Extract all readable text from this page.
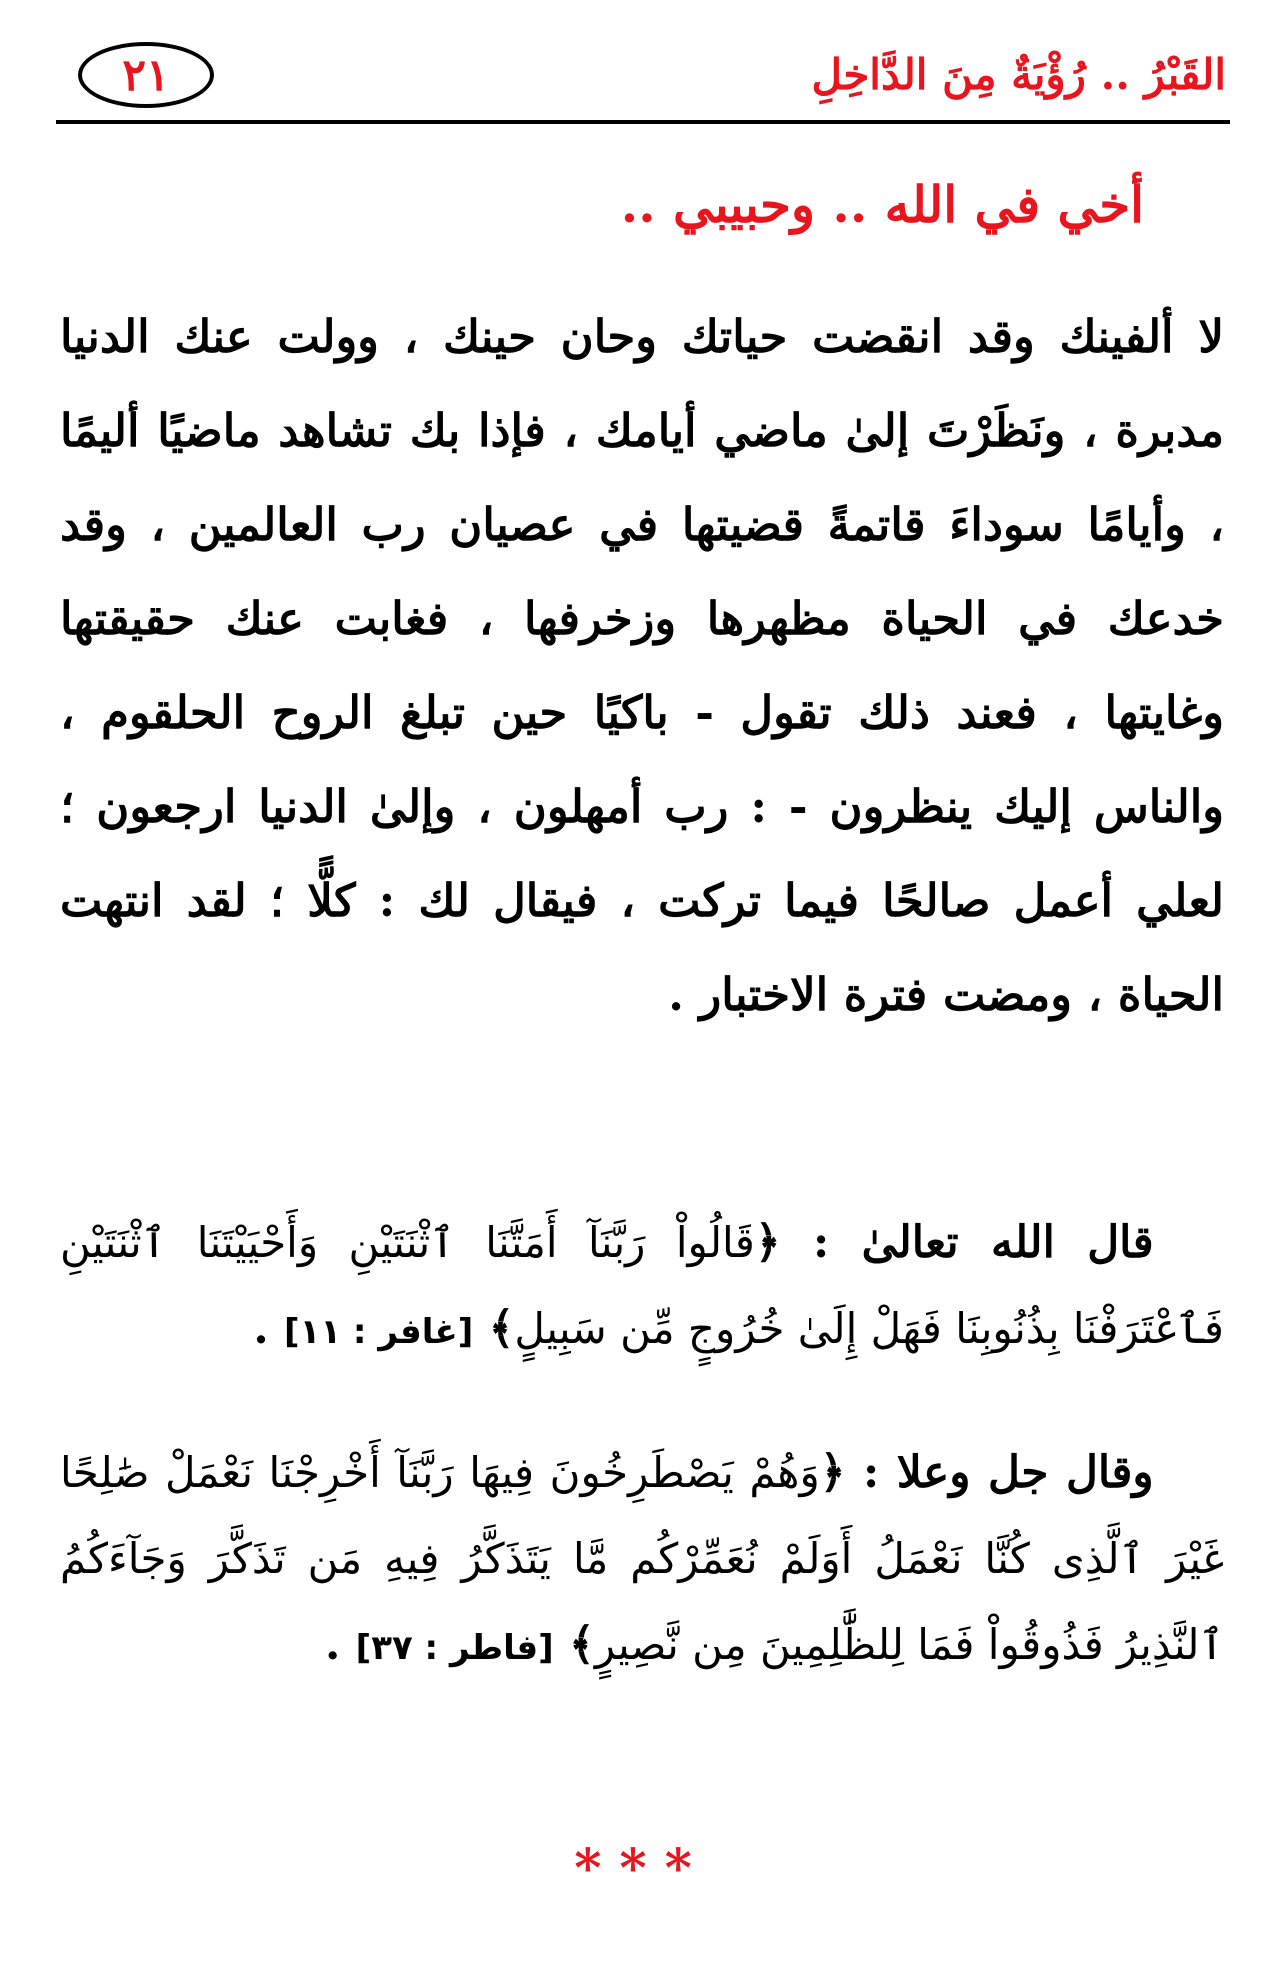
٢١	القَبْرُ .. رُؤْيَةٌ مِنَ الدَّاخِلِ
أخي في الله .. وحبيبي ..

لا ألفينك وقد انقضت حياتك وحان حينك ، وولت عنك الدنيا مدبرة ، ونَظَرْتَ إلىٰ ماضي أيامك ، فإذا بك تشاهد ماضيًا أليمًا ، وأيامًا سوداءَ قاتمةً قضيتها في عصيان رب العالمين ، وقد خدعك في الحياة مظهرها وزخرفها ، فغابت عنك حقيقتها وغايتها ، فعند ذلك تقول - باكيًا حين تبلغ الروح الحلقوم ، والناس إليك ينظرون - : رب أمهلون ، وإلىٰ الدنيا ارجعون ؛ لعلي أعمل صالحًا فيما تركت ، فيقال لك : كلًّا ؛ لقد انتهت الحياة ، ومضت فترة الاختبار .

قال الله تعالىٰ : ﴿قَالُواْ رَبَّنَآ أَمَتَّنَا ٱثْنَتَيْنِ وَأَحْيَيْتَنَا ٱثْنَتَيْنِ فَٱعْتَرَفْنَا بِذُنُوبِنَا فَهَلْ إِلَىٰ خُرُوجٍ مِّن سَبِيلٍ﴾ [غافر : ١١] .

وقال جل وعلا : ﴿وَهُمْ يَصْطَرِخُونَ فِيهَا رَبَّنَآ أَخْرِجْنَا نَعْمَلْ صَٰلِحًا غَيْرَ ٱلَّذِى كُنَّا نَعْمَلُ أَوَلَمْ نُعَمِّرْكُم مَّا يَتَذَكَّرُ فِيهِ مَن تَذَكَّرَ وَجَآءَكُمُ ٱلنَّذِيرُ فَذُوقُواْ فَمَا لِلظَّٰلِمِينَ مِن نَّصِيرٍ﴾ [فاطر : ٣٧] .

***
